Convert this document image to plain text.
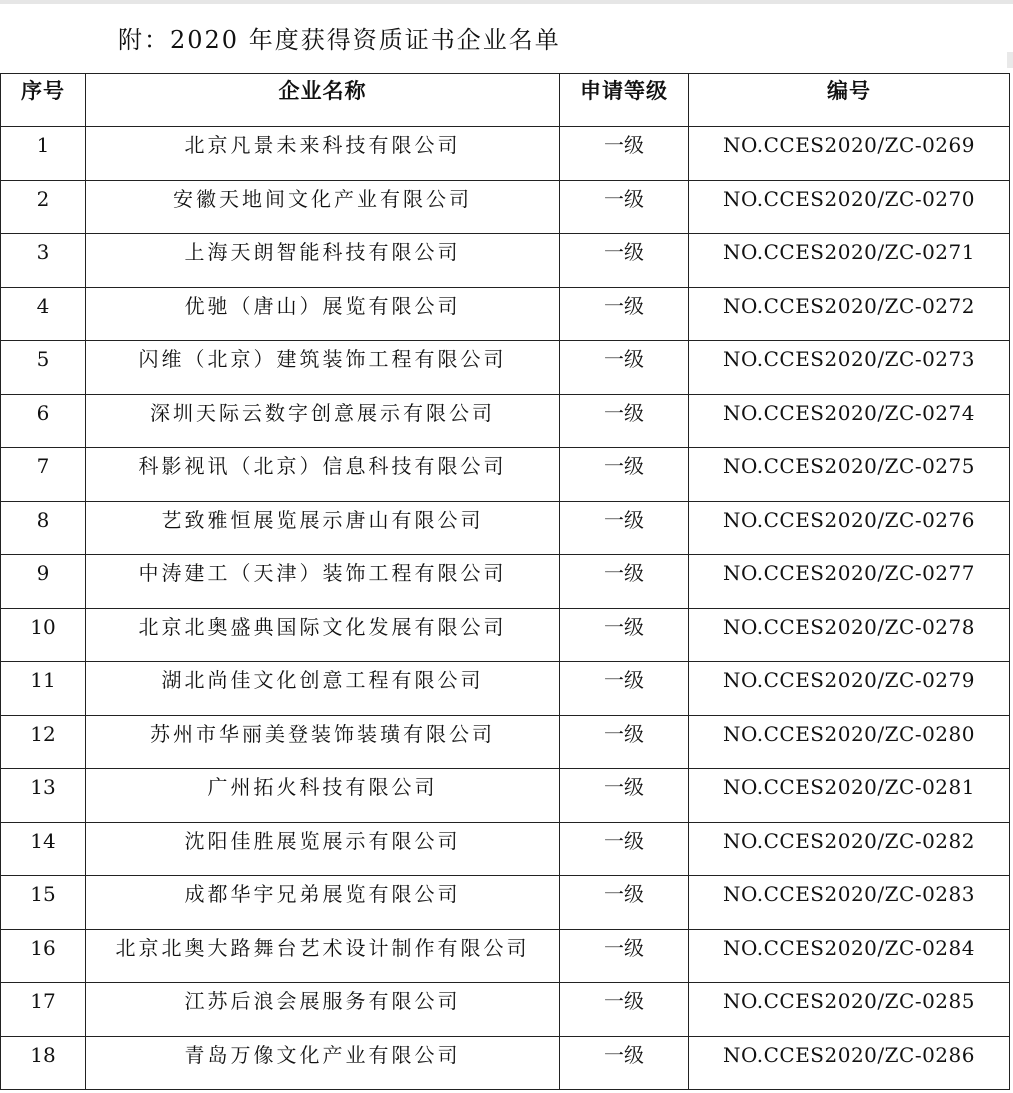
附：2020 年度获得资质证书企业名单
序号	企业名称	申请等级	编号
1	北京凡景未来科技有限公司	一级	NO.CCES2020/ZC-0269
2	安徽天地间文化产业有限公司	一级	NO.CCES2020/ZC-0270
3	上海天朗智能科技有限公司	一级	NO.CCES2020/ZC-0271
4	优驰（唐山）展览有限公司	一级	NO.CCES2020/ZC-0272
5	闪维（北京）建筑装饰工程有限公司	一级	NO.CCES2020/ZC-0273
6	深圳天际云数字创意展示有限公司	一级	NO.CCES2020/ZC-0274
7	科影视讯（北京）信息科技有限公司	一级	NO.CCES2020/ZC-0275
8	艺致雅恒展览展示唐山有限公司	一级	NO.CCES2020/ZC-0276
9	中涛建工（天津）装饰工程有限公司	一级	NO.CCES2020/ZC-0277
10	北京北奥盛典国际文化发展有限公司	一级	NO.CCES2020/ZC-0278
11	湖北尚佳文化创意工程有限公司	一级	NO.CCES2020/ZC-0279
12	苏州市华丽美登装饰装璜有限公司	一级	NO.CCES2020/ZC-0280
13	广州拓火科技有限公司	一级	NO.CCES2020/ZC-0281
14	沈阳佳胜展览展示有限公司	一级	NO.CCES2020/ZC-0282
15	成都华宇兄弟展览有限公司	一级	NO.CCES2020/ZC-0283
16	北京北奥大路舞台艺术设计制作有限公司	一级	NO.CCES2020/ZC-0284
17	江苏后浪会展服务有限公司	一级	NO.CCES2020/ZC-0285
18	青岛万像文化产业有限公司	一级	NO.CCES2020/ZC-0286
